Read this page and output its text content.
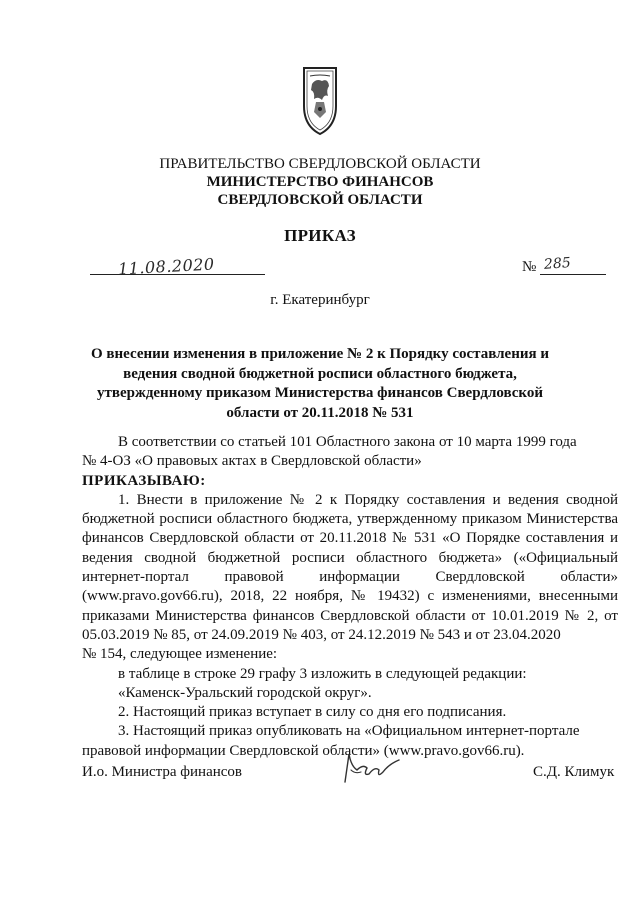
ПРАВИТЕЛЬСТВО СВЕРДЛОВСКОЙ ОБЛАСТИ
МИНИСТЕРСТВО ФИНАНСОВ
СВЕРДЛОВСКОЙ ОБЛАСТИ
ПРИКАЗ
11.08.2020	№ 285
г. Екатеринбург
О внесении изменения в приложение № 2 к Порядку составления и ведения сводной бюджетной росписи областного бюджета, утвержденному приказом Министерства финансов Свердловской области от 20.11.2018 № 531

В соответствии со статьей 101 Областного закона от 10 марта 1999 года

№ 4-ОЗ «О правовых актах в Свердловской области»

ПРИКАЗЫВАЮ:

1. Внести в приложение № 2 к Порядку составления и ведения сводной бюджетной росписи областного бюджета, утвержденному приказом Министерства финансов Свердловской области от 20.11.2018 № 531 «О Порядке составления и ведения сводной бюджетной росписи областного бюджета» («Официальный интернет-портал правовой информации Свердловской области» (www.pravo.gov66.ru), 2018, 22 ноября, № 19432) с изменениями, внесенными приказами Министерства финансов Свердловской области от 10.01.2019 № 2, от 05.03.2019 № 85, от 24.09.2019 № 403, от 24.12.2019 № 543 и от 23.04.2020

№ 154, следующее изменение:

в таблице в строке 29 графу 3 изложить в следующей редакции:

«Каменск-Уральский городской округ».

2. Настоящий приказ вступает в силу со дня его подписания.

3. Настоящий приказ опубликовать на «Официальном интернет-портале

правовой информации Свердловской области» (www.pravo.gov66.ru).

И.о. Министра финансов	С.Д. Климук
